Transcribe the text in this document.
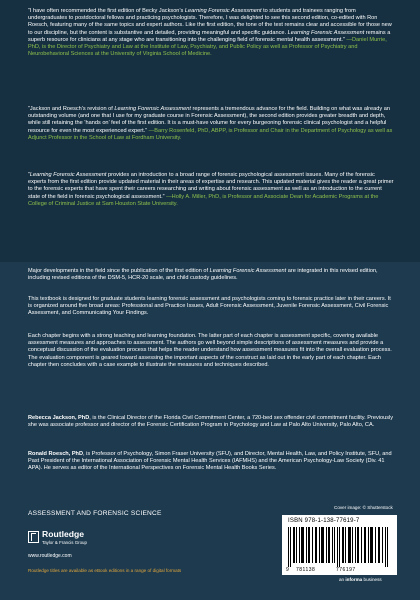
“I have often recommended the first edition of Becky Jackson’s Learning Forensic Assessment to students and trainees ranging from undergraduates to postdoctoral fellows and practicing psychologists. Therefore, I was delighted to see this second edition, co-edited with Ron Roesch, featuring many of the same topics and expert authors. Like the first edition, the tone of the text remains clear and accessible for those new to our discipline, but the content is substantive and detailed, providing meaningful and specific guidance. Learning Forensic Assessment remains a superb resource for clinicians at any stage who are transitioning into the challenging field of forensic mental health assessment.” —Daniel Murrie, PhD, is the Director of Psychiatry and Law at the Institute of Law, Psychiatry, and Public Policy as well as Professor of Psychiatry and Neurobehavioral Sciences at the University of Virginia School of Medicine.
“Jackson and Roesch’s revision of Learning Forensic Assessment represents a tremendous advance for the field. Building on what was already an outstanding volume (and one that I use for my graduate course in Forensic Assessment), the second edition provides greater breadth and depth, while still retaining the ‘hands on’ feel of the first edition. It is a must-have volume for every burgeoning forensic clinical psychologist and a helpful resource for even the most experienced expert.” —Barry Rosenfeld, PhD, ABPP, is Professor and Chair in the Department of Psychology as well as Adjunct Professor in the School of Law at Fordham University.
“Learning Forensic Assessment provides an introduction to a broad range of forensic psychological assessment issues. Many of the forensic experts from the first edition provide updated material in their areas of expertise and research. This updated material gives the reader a great primer to the forensic experts that have spent their careers researching and writing about forensic assessment as well as an introduction to the current state of the field in forensic psychological assessment.” —Holly A. Miller, PhD, is Professor and Associate Dean for Academic Programs at the College of Criminal Justice at Sam Houston State University.
Major developments in the field since the publication of the first edition of Learning Forensic Assessment are integrated in this revised edition, including revised editions of the DSM-5, HCR-20 scale, and child custody guidelines.
This textbook is designed for graduate students learning forensic assessment and psychologists coming to forensic practice later in their careers. It is organized around five broad areas: Professional and Practice Issues, Adult Forensic Assessment, Juvenile Forensic Assessment, Civil Forensic Assessment, and Communicating Your Findings.
Each chapter begins with a strong teaching and learning foundation. The latter part of each chapter is assessment specific, covering available assessment measures and approaches to assessment. The authors go well beyond simple descriptions of assessment measures and provide a conceptual discussion of the evaluation process that helps the reader understand how assessment measures fit into the overall evaluation process. The evaluation component is geared toward assessing the important aspects of the construct as laid out in the early part of each chapter. Each chapter then concludes with a case example to illustrate the measures and techniques described.
Rebecca Jackson, PhD, is the Clinical Director of the Florida Civil Commitment Center, a 720-bed sex offender civil commitment facility. Previously she was associate professor and director of the Forensic Certification Program in Psychology and Law at Palo Alto University, Palo Alto, CA.
Ronald Roesch, PhD, is Professor of Psychology, Simon Fraser University (SFU), and Director, Mental Health, Law, and Policy Institute, SFU, and Past President of the International Association of Forensic Mental Health Services (IAFMHS) and the American Psychology-Law Society (Div. 41 APA). He serves as editor of the International Perspectives on Forensic Mental Health Books Series.
ASSESSMENT AND FORENSIC SCIENCE
Routledge
Taylor & Francis Group
www.routledge.com
Routledge titles are available as eBook editions in a range of digital formats
Cover image: © Shutterstock
ISBN 978-1-138-77619-7
9 781138	776197
an informa business
